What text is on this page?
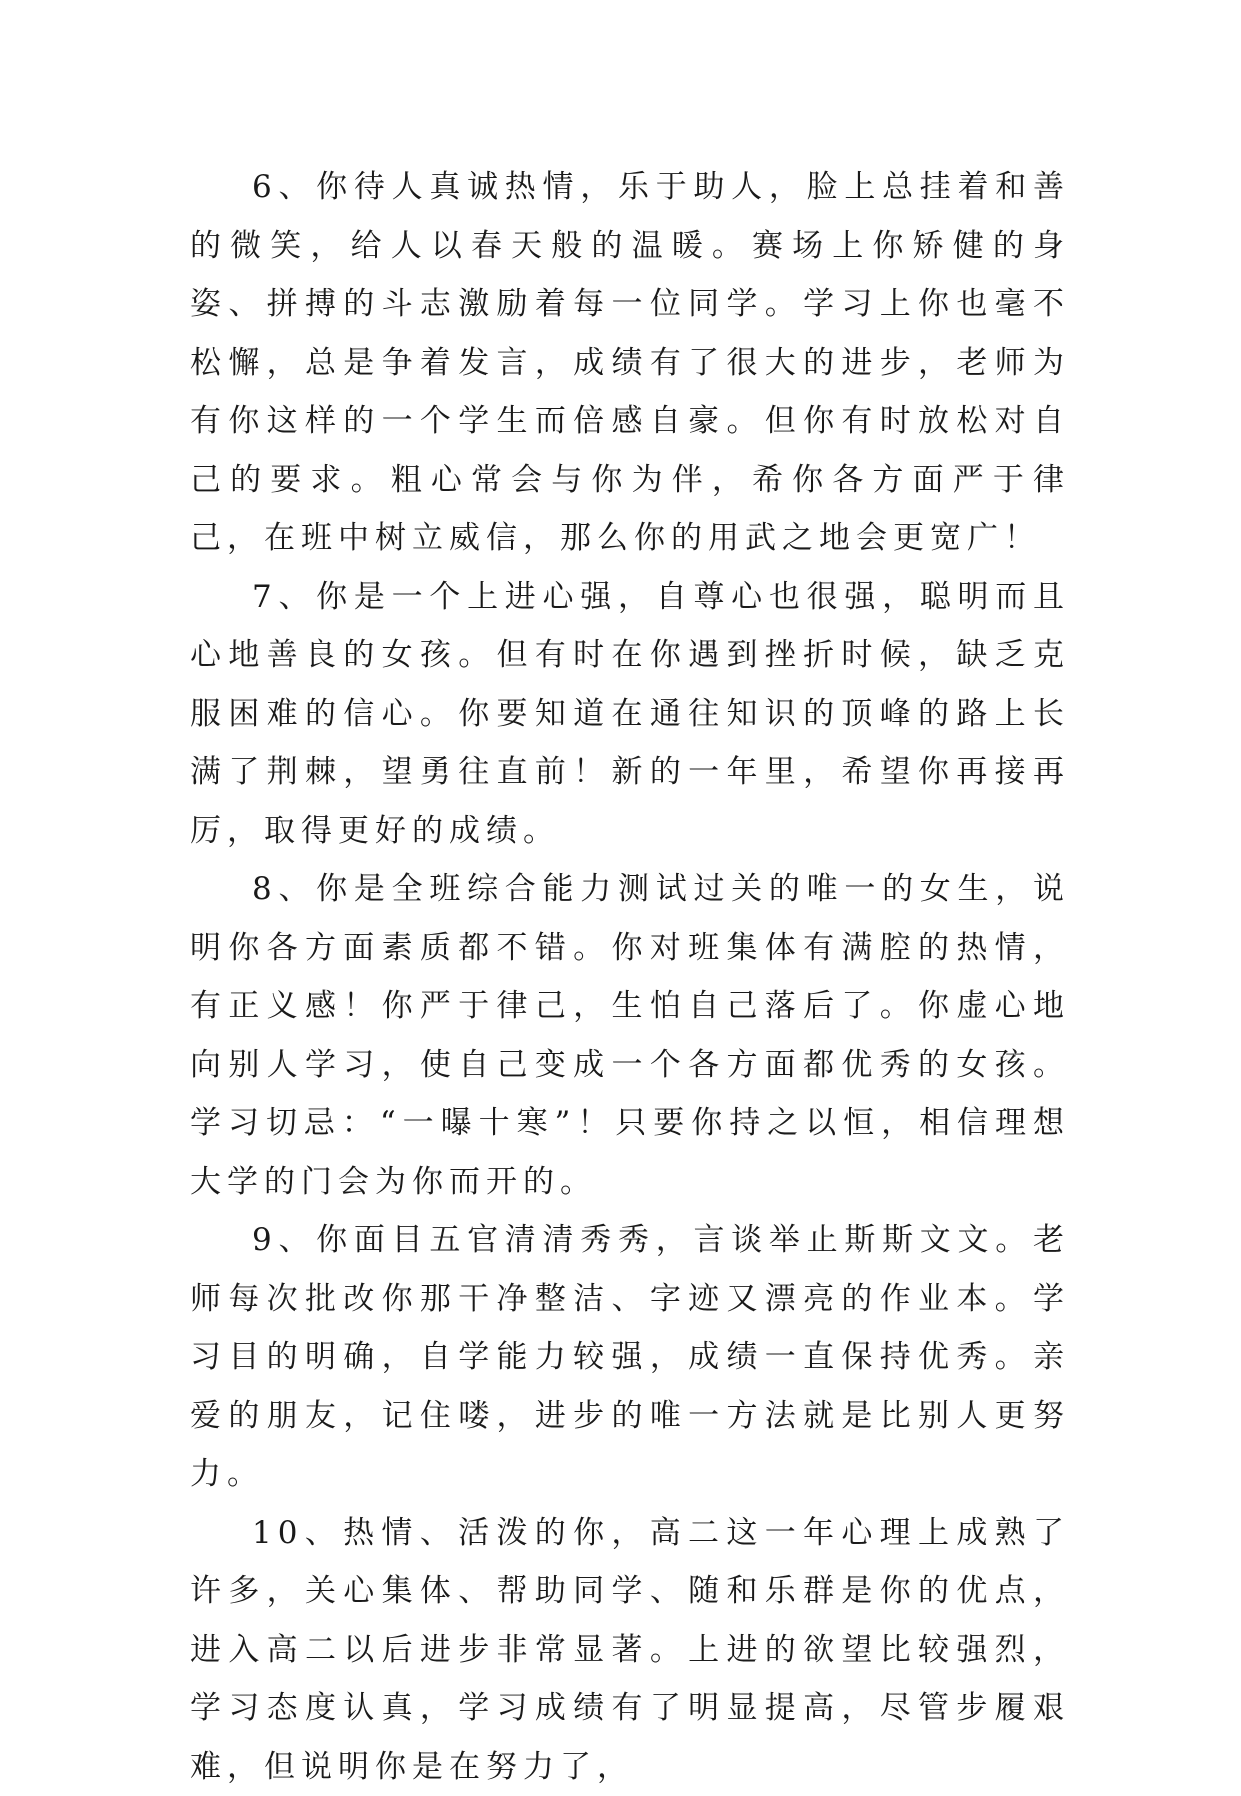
6、你待人真诚热情，乐于助人，脸上总挂着和善的微笑，给人以春天般的温暖。赛场上你矫健的身姿、拼搏的斗志激励着每一位同学。学习上你也毫不松懈，总是争着发言，成绩有了很大的进步，老师为有你这样的一个学生而倍感自豪。但你有时放松对自己的要求。粗心常会与你为伴，希你各方面严于律己，在班中树立威信，那么你的用武之地会更宽广！

7、你是一个上进心强，自尊心也很强，聪明而且心地善良的女孩。但有时在你遇到挫折时候，缺乏克服困难的信心。你要知道在通往知识的顶峰的路上长满了荆棘，望勇往直前！新的一年里，希望你再接再厉，取得更好的成绩。

8、你是全班综合能力测试过关的唯一的女生，说明你各方面素质都不错。你对班集体有满腔的热情，有正义感！你严于律己，生怕自己落后了。你虚心地向别人学习，使自己变成一个各方面都优秀的女孩。学习切忌：“一曝十寒”！只要你持之以恒，相信理想大学的门会为你而开的。

9、你面目五官清清秀秀，言谈举止斯斯文文。老师每次批改你那干净整洁、字迹又漂亮的作业本。学习目的明确，自学能力较强，成绩一直保持优秀。亲爱的朋友，记住喽，进步的唯一方法就是比别人更努力。

10、热情、活泼的你，高二这一年心理上成熟了许多，关心集体、帮助同学、随和乐群是你的优点，进入高二以后进步非常显著。上进的欲望比较强烈，学习态度认真，学习成绩有了明显提高，尽管步履艰难，但说明你是在努力了，
